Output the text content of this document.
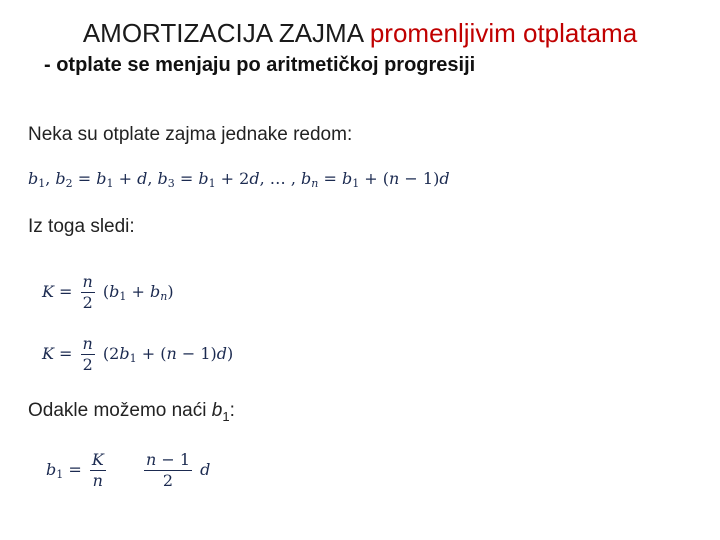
AMORTIZACIJA ZAJMA promenljivim otplatama
- otplate se menjaju po aritmetičkoj progresiji
Neka su otplate zajma jednake redom:
$b_1$, $b_2 = b_1 + d$, $b_3 = b_1 + 2d$, … , $b_n = b_1 + (n - 1)d$
Iz toga sledi:
$K = \frac{n}{2} (b_1 + b_n)$
$K = \frac{n}{2} (2b_1 + (n - 1)d)$
Odakle možemo naći $b_1$:
$b_1 = \frac{K}{n}$
$\frac{n - 1}{2}$ d
